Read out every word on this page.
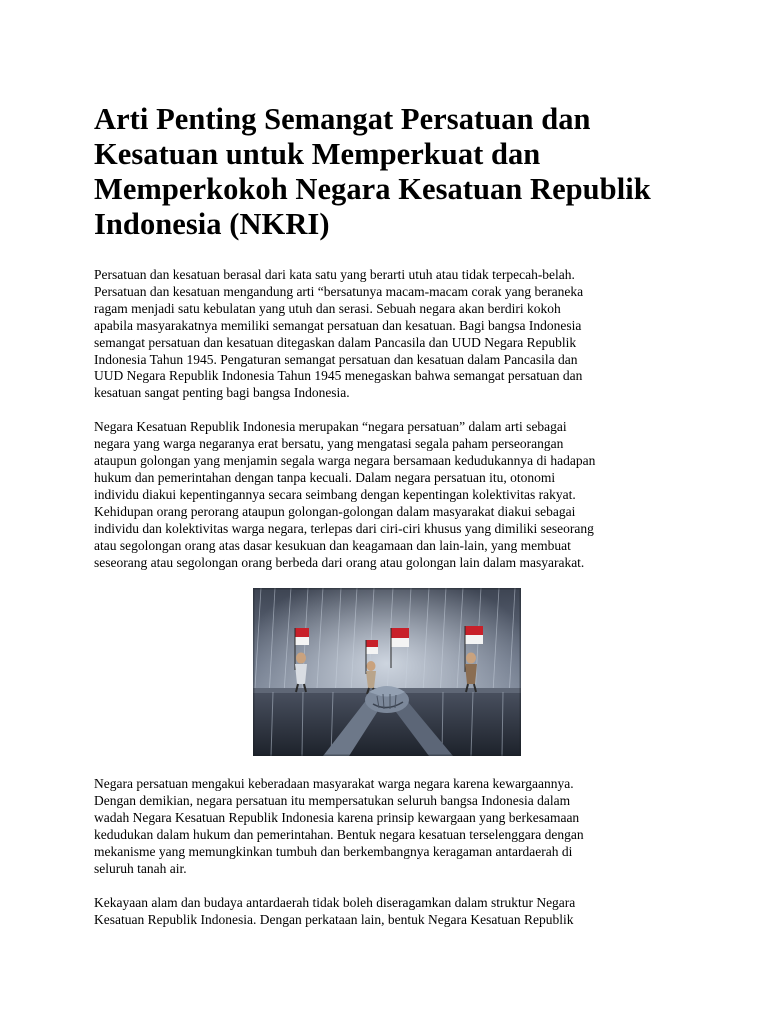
Arti Penting Semangat Persatuan dan
Kesatuan untuk Memperkuat dan
Memperkokoh Negara Kesatuan Republik
Indonesia (NKRI)

Persatuan dan kesatuan berasal dari kata satu yang berarti utuh atau tidak terpecah-belah.
Persatuan dan kesatuan mengandung arti “bersatunya macam-macam corak yang beraneka
ragam menjadi satu kebulatan yang utuh dan serasi. Sebuah negara akan berdiri kokoh
apabila masyarakatnya memiliki semangat persatuan dan kesatuan. Bagi bangsa Indonesia
semangat persatuan dan kesatuan ditegaskan dalam Pancasila dan UUD Negara Republik
Indonesia Tahun 1945. Pengaturan semangat persatuan dan kesatuan dalam Pancasila dan
UUD Negara Republik Indonesia Tahun 1945 menegaskan bahwa semangat persatuan dan
kesatuan sangat penting bagi bangsa Indonesia.

Negara Kesatuan Republik Indonesia merupakan “negara persatuan” dalam arti sebagai
negara yang warga negaranya erat bersatu, yang mengatasi segala paham perseorangan
ataupun golongan yang menjamin segala warga negara bersamaan kedudukannya di hadapan
hukum dan pemerintahan dengan tanpa kecuali. Dalam negara persatuan itu, otonomi
individu diakui kepentingannya secara seimbang dengan kepentingan kolektivitas rakyat.
Kehidupan orang perorang ataupun golongan-golongan dalam masyarakat diakui sebagai
individu dan kolektivitas warga negara, terlepas dari ciri-ciri khusus yang dimiliki seseorang
atau segolongan orang atas dasar kesukuan dan keagamaan dan lain-lain, yang membuat
seseorang atau segolongan orang berbeda dari orang atau golongan lain dalam masyarakat.

Negara persatuan mengakui keberadaan masyarakat warga negara karena kewargaannya.
Dengan demikian, negara persatuan itu mempersatukan seluruh bangsa Indonesia dalam
wadah Negara Kesatuan Republik Indonesia karena prinsip kewargaan yang berkesamaan
kedudukan dalam hukum dan pemerintahan. Bentuk negara kesatuan terselenggara dengan
mekanisme yang memungkinkan tumbuh dan berkembangnya keragaman antardaerah di
seluruh tanah air.

Kekayaan alam dan budaya antardaerah tidak boleh diseragamkan dalam struktur Negara
Kesatuan Republik Indonesia. Dengan perkataan lain, bentuk Negara Kesatuan Republik
